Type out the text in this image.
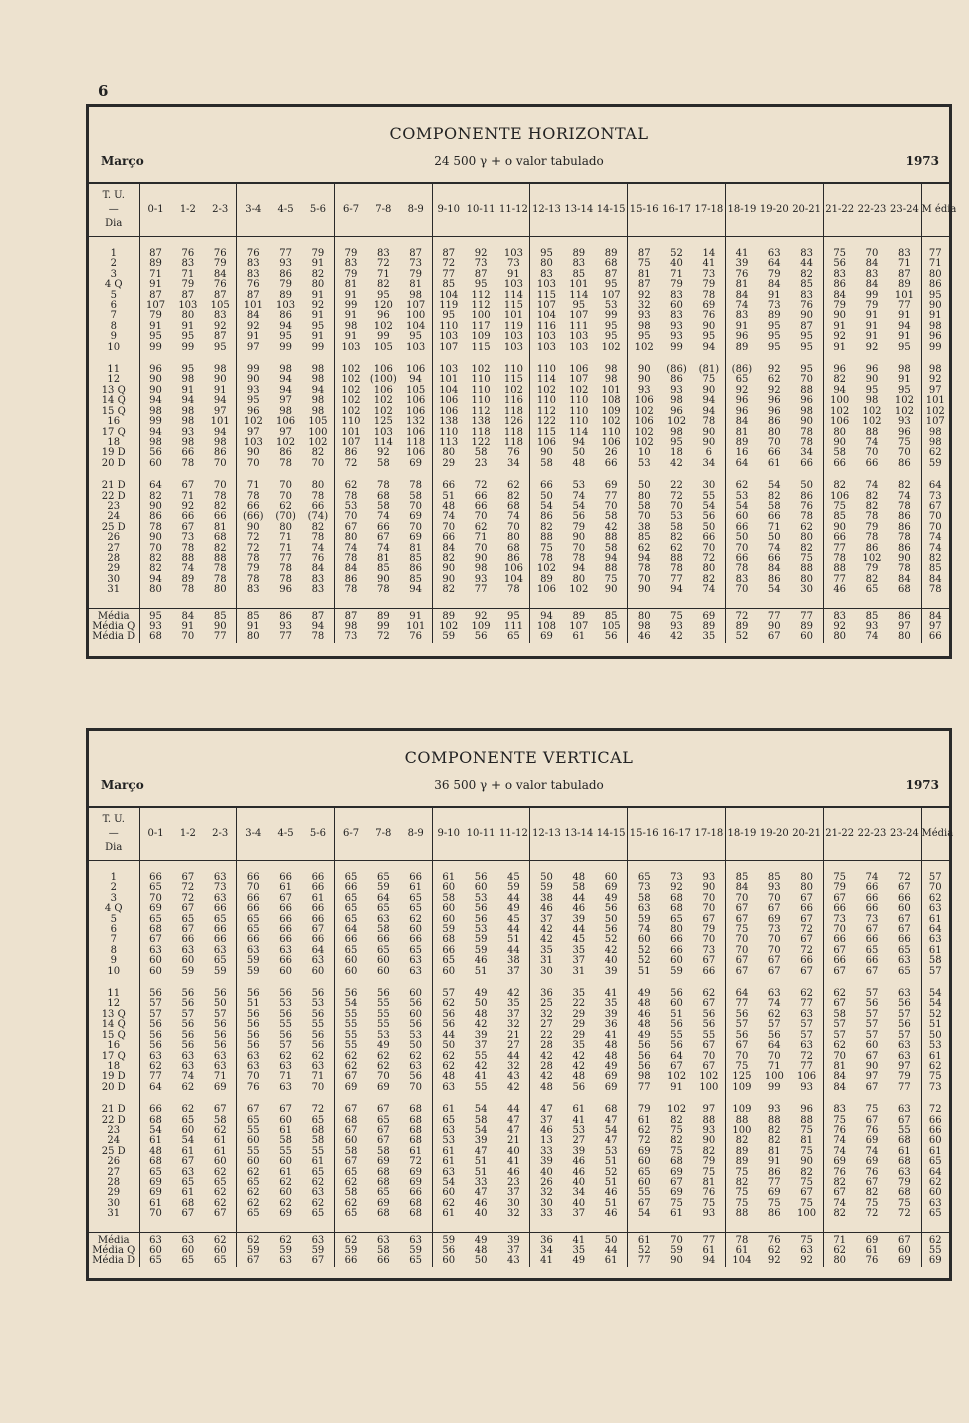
6
COMPONENTE HORIZONTAL
Março	24 500 γ + o valor tabulado	1973
T. U.
—
Dia	0-1	1-2	2-3	3-4	4-5	5-6	6-7	7-8	8-9	9-10	10-11	11-12	12-13	13-14	14-15	15-16	16-17	17-18	18-19	19-20	20-21	21-22	22-23	23-24	M édia

1	87	76	76	76	77	79	79	83	87	87	92	103	95	89	89	87	52	14	41	63	83	75	70	83	77
2	89	83	79	83	93	91	83	72	73	72	73	73	80	83	68	75	40	41	39	64	44	56	84	71	71
3	71	71	84	83	86	82	79	71	79	77	87	91	83	85	87	81	71	73	76	79	82	83	83	87	80
4 Q	91	79	76	76	79	80	81	82	81	85	95	103	103	101	95	87	79	79	81	84	85	86	84	89	86
5	87	87	87	87	89	91	91	95	98	104	112	114	115	114	107	92	83	78	84	91	83	84	99	101	95
6	107	103	105	101	103	92	99	120	107	119	112	115	107	95	53	32	60	69	74	73	76	79	79	77	90
7	79	80	83	84	86	91	91	96	100	95	100	101	104	107	99	93	83	76	83	89	90	90	91	91	91
8	91	91	92	92	94	95	98	102	104	110	117	119	116	111	95	98	93	90	91	95	87	91	91	94	98
9	95	95	87	91	95	91	91	99	95	103	109	103	103	103	95	95	93	95	96	95	95	92	91	91	96
10	99	99	95	97	99	99	103	105	103	107	115	103	103	103	102	102	99	94	89	95	95	91	92	95	99

11	96	95	98	99	98	98	102	106	106	103	102	110	110	106	98	90	(86)	(81)	(86)	92	95	96	96	98	98
12	90	98	90	90	94	98	102	(100)	94	101	110	115	114	107	98	90	86	75	65	62	70	82	90	91	92
13 Q	90	91	91	93	94	94	102	106	105	104	110	102	102	102	101	93	93	90	92	92	88	94	95	95	97
14 Q	94	94	94	95	97	98	102	102	106	106	110	116	110	110	108	106	98	94	96	96	96	100	98	102	101
15 Q	98	98	97	96	98	98	102	102	106	106	112	118	112	110	109	102	96	94	96	96	98	102	102	102	102
16	99	98	101	102	106	105	110	125	132	138	138	126	122	110	102	106	102	78	84	86	90	106	102	93	107
17 Q	94	93	94	97	97	100	101	103	106	110	118	118	115	114	110	102	98	90	81	80	78	80	88	96	98
18	98	98	98	103	102	102	107	114	118	113	122	118	106	94	106	102	95	90	89	70	78	90	74	75	98
19 D	56	66	86	90	86	82	86	92	106	80	58	76	90	50	26	10	18	6	16	66	34	58	70	70	62
20 D	60	78	70	70	78	70	72	58	69	29	23	34	58	48	66	53	42	34	64	61	66	66	66	86	59

21 D	64	67	70	71	70	80	62	78	78	66	72	62	66	53	69	50	22	30	62	54	50	82	74	82	64
22 D	82	71	78	78	70	78	78	68	58	51	66	82	50	74	77	80	72	55	53	82	86	106	82	74	73
23	90	92	82	66	62	66	53	58	70	48	66	68	54	54	70	58	70	54	54	58	76	75	82	78	67
24	86	66	66	(66)	(70)	(74)	70	74	69	74	70	74	86	56	58	70	53	56	60	66	78	85	78	86	70
25 D	78	67	81	90	80	82	67	66	70	70	62	70	82	79	42	38	58	50	66	71	62	90	79	86	70
26	90	73	68	72	71	78	80	67	69	66	71	80	88	90	88	85	82	66	50	50	80	66	78	78	74
27	70	78	82	72	71	74	74	74	81	84	70	68	75	70	58	62	62	70	70	74	82	77	86	86	74
28	82	88	88	78	77	76	78	81	85	82	90	86	78	78	94	94	88	72	66	66	75	78	102	90	82
29	82	74	78	79	78	84	84	85	86	90	98	106	102	94	88	78	78	80	78	84	88	88	79	78	85
30	94	89	78	78	78	83	86	90	85	90	93	104	89	80	75	70	77	82	83	86	80	77	82	84	84
31	80	78	80	83	96	83	78	78	94	82	77	78	106	102	90	90	94	74	70	54	30	46	65	68	78

Média	95	84	85	85	86	87	87	89	91	89	92	95	94	89	85	80	75	69	72	77	77	83	85	86	84
Média Q	93	91	90	91	93	94	98	99	101	102	109	111	108	107	105	98	93	89	89	90	89	92	93	97	97
Média D	68	70	77	80	77	78	73	72	76	59	56	65	69	61	56	46	42	35	52	67	60	80	74	80	66
COMPONENTE VERTICAL
Março	36 500 γ + o valor tabulado	1973
T. U.
—
Dia	0-1	1-2	2-3	3-4	4-5	5-6	6-7	7-8	8-9	9-10	10-11	11-12	12-13	13-14	14-15	15-16	16-17	17-18	18-19	19-20	20-21	21-22	22-23	23-24	Média

1	66	67	63	66	66	66	65	65	66	61	56	45	50	48	60	65	73	93	85	85	80	75	74	72	57
2	65	72	73	70	61	66	66	59	61	60	60	59	59	58	69	73	92	90	84	93	80	79	66	67	70
3	70	72	63	66	67	61	65	64	65	58	53	44	38	44	49	58	68	70	70	70	67	67	66	66	62
4 Q	69	67	66	66	66	66	65	65	65	60	56	49	46	46	56	63	68	70	67	67	66	66	66	60	63
5	65	65	65	65	66	66	65	63	62	60	56	45	37	39	50	59	65	67	67	69	67	73	73	67	61
6	68	67	66	65	66	67	64	58	60	59	53	44	42	44	56	74	80	79	75	73	72	70	67	67	64
7	67	66	66	66	66	66	66	66	66	68	59	51	42	45	52	60	66	70	70	70	67	66	66	66	63
8	63	63	63	63	63	64	65	65	65	66	59	44	35	35	42	52	66	73	70	70	72	67	65	65	61
9	60	60	65	59	66	63	60	60	63	65	46	38	31	37	40	52	60	67	67	67	66	66	66	63	58
10	60	59	59	59	60	60	60	60	63	60	51	37	30	31	39	51	59	66	67	67	67	67	67	65	57

11	56	56	56	56	56	56	56	56	60	57	49	42	36	35	41	49	56	62	64	63	62	62	57	63	54
12	57	56	50	51	53	53	54	55	56	62	50	35	25	22	35	48	60	67	77	74	77	67	56	56	54
13 Q	57	57	57	56	56	56	55	55	60	56	48	37	32	29	39	46	51	56	56	62	63	58	57	57	52
14 Q	56	56	56	56	55	55	55	55	56	56	42	32	27	29	36	48	56	56	57	57	57	57	57	56	51
15 Q	56	56	56	56	56	56	55	53	53	44	39	21	22	29	41	49	55	55	56	56	57	57	57	57	50
16	56	56	56	56	57	56	55	49	50	50	37	27	28	35	48	56	56	67	67	64	63	62	60	63	53
17 Q	63	63	63	63	62	62	62	62	62	62	55	44	42	42	48	56	64	70	70	70	72	70	67	63	61
18	62	63	63	63	63	63	62	62	63	62	42	32	28	42	49	56	67	67	75	71	77	81	90	97	62
19 D	77	74	71	70	71	71	67	70	56	48	41	43	42	48	69	98	102	102	125	100	106	84	97	79	75
20 D	64	62	69	76	63	70	69	69	70	63	55	42	48	56	69	77	91	100	109	99	93	84	67	77	73

21 D	66	62	67	67	67	72	67	67	68	61	54	44	47	61	68	79	102	97	109	93	96	83	75	63	72
22 D	68	65	58	65	60	65	68	65	68	65	58	47	37	41	47	61	82	88	88	88	88	75	67	67	66
23	54	60	62	55	61	68	67	67	68	63	54	47	46	53	54	62	75	93	100	82	75	76	76	55	66
24	61	54	61	60	58	58	60	67	68	53	39	21	13	27	47	72	82	90	82	82	81	74	69	68	60
25 D	48	61	61	55	55	55	58	58	61	61	47	40	33	39	53	69	75	82	89	81	75	74	74	61	61
26	68	67	60	60	60	61	67	69	72	61	51	41	39	46	51	60	68	79	89	91	90	69	69	68	65
27	65	63	62	62	61	65	65	68	69	63	51	46	40	46	52	65	69	75	75	86	82	76	76	63	64
28	69	65	65	65	62	62	62	68	69	54	33	23	26	40	51	60	67	81	82	77	75	82	67	79	62
29	69	61	62	62	60	63	58	65	66	60	47	37	32	34	46	55	69	76	75	69	67	67	82	68	60
30	61	68	62	62	62	62	62	69	68	62	46	30	30	40	51	67	75	75	75	75	75	74	75	75	63
31	70	67	67	65	69	65	65	68	68	61	40	32	33	37	46	54	61	93	88	86	100	82	72	72	65

Média	63	63	62	62	62	63	62	63	63	59	49	39	36	41	50	61	70	77	78	76	75	71	69	67	62
Média Q	60	60	60	59	59	59	59	58	59	56	48	37	34	35	44	52	59	61	61	62	63	62	61	60	55
Média D	65	65	65	67	63	67	66	66	65	60	50	43	41	49	61	77	90	94	104	92	92	80	76	69	69
